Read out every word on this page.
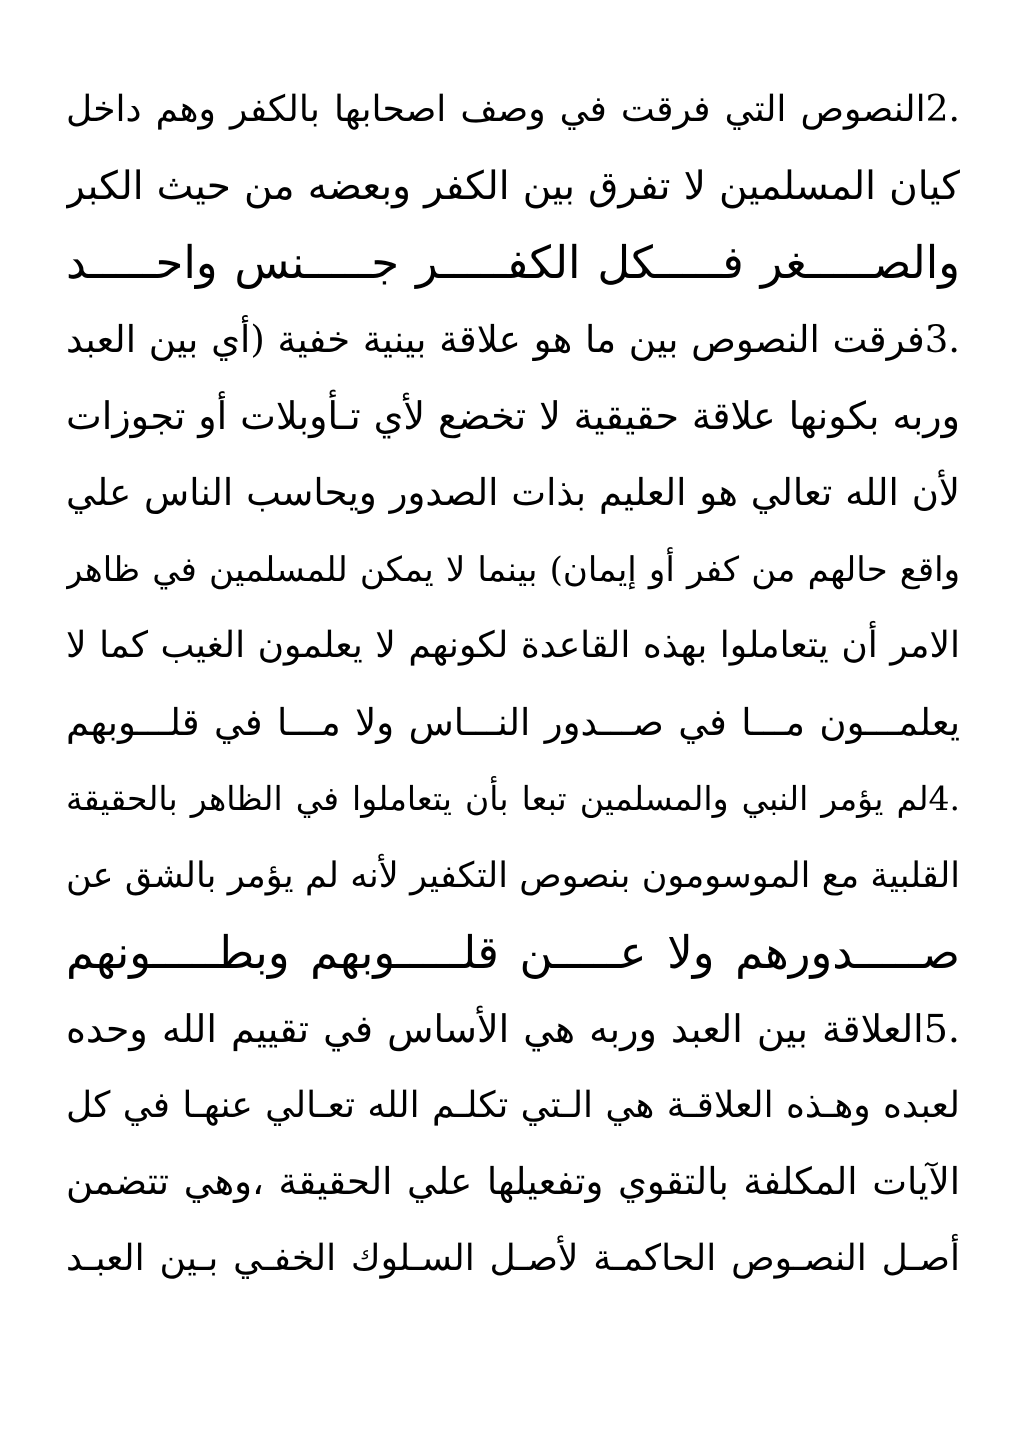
.2النصوص التي فرقت في وصف اصحابها بالكفر وهم داخل
كيان المسلمين لا تفرق بين الكفر وبعضه من حيث الكبر
والصـــــغر فـــــكل الكفـــــر جـــــنس واحـــــد
.3فرقت النصوص بين ما هو علاقة بينية خفية (أي بين العبد
وربه بكونها علاقة حقيقية لا تخضع لأي تـأوبلات أو تجوزات
لأن الله تعالي هو العليم بذات الصدور ويحاسب الناس علي
واقع حالهم من كفر أو إيمان) بينما لا يمكن للمسلمين في ظاهر
الامر أن يتعاملوا بهذه القاعدة لكونهم لا يعلمون الغيب كما لا
يعلمـــون مـــا في صـــدور النـــاس ولا مـــا في قلـــوبهم
.4لم يؤمر النبي والمسلمين تبعا بأن يتعاملوا في الظاهر بالحقيقة
القلبية مع الموسومون بنصوص التكفير لأنه لم يؤمر بالشق عن
صـــــدورهم ولا عـــــن قلـــــوبهم وبطـــــونهم
.5العلاقة بين العبد وربه هي الأساس في تقييم الله وحده
لعبده وهـذه العلاقـة هي الـتي تكلـم الله تعـالي عنهـا في كل
الآيات المكلفة بالتقوي وتفعيلها علي الحقيقة ،وهي تتضمن
أصـل النصـوص الحاكمـة لأصـل السـلوك الخفـي بـين العبـد
